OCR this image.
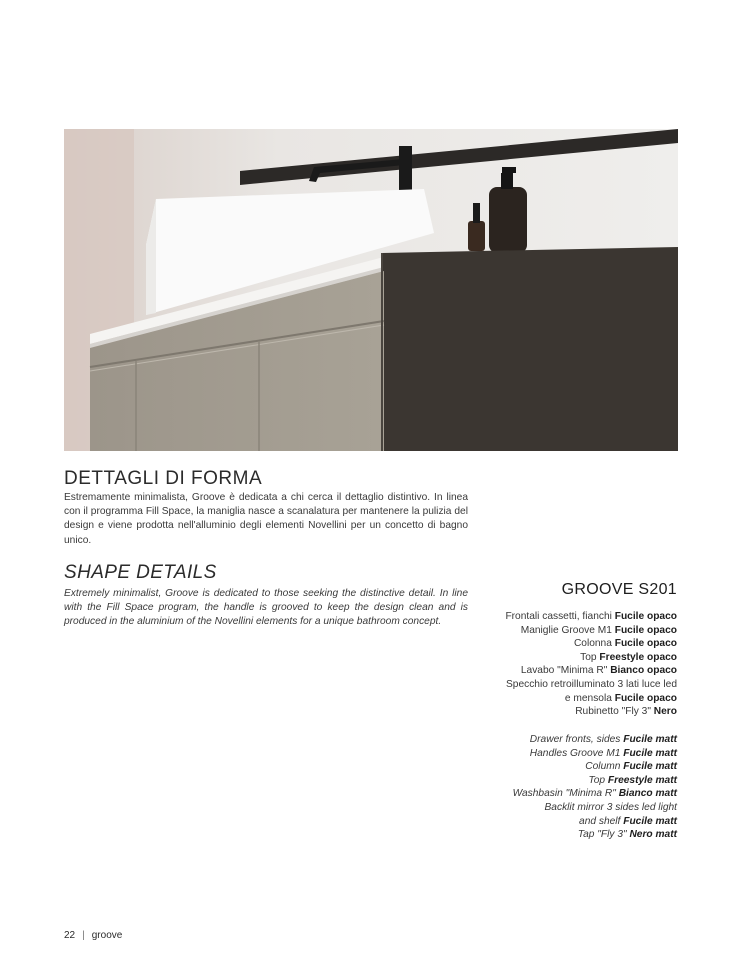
DETTAGLI DI FORMA

Estremamente minimalista, Groove è dedicata a chi cerca il dettaglio distintivo. In linea con il programma Fill Space, la maniglia nasce a scanalatura per mantenere la pulizia del design e viene prodotta nell'alluminio degli elementi Novellini per un concetto di bagno unico.

SHAPE DETAILS

Extremely minimalist, Groove is dedicated to those seeking the distinctive detail. In line with the Fill Space program, the handle is grooved to keep the design clean and is produced in the aluminium of the Novellini elements for a unique bathroom concept.

GROOVE S201
Frontali cassetti, fianchi Fucile opaco
Maniglie Groove M1 Fucile opaco
Colonna Fucile opaco
Top Freestyle opaco
Lavabo "Minima R" Bianco opaco
Specchio retroilluminato 3 lati luce led
e mensola Fucile opaco
Rubinetto "Fly 3" Nero
Drawer fronts, sides Fucile matt
Handles Groove M1 Fucile matt
Column Fucile matt
Top Freestyle matt
Washbasin "Minima R" Bianco matt
Backlit mirror 3 sides led light
and shelf Fucile matt
Tap "Fly 3" Nero matt
22 | groove
